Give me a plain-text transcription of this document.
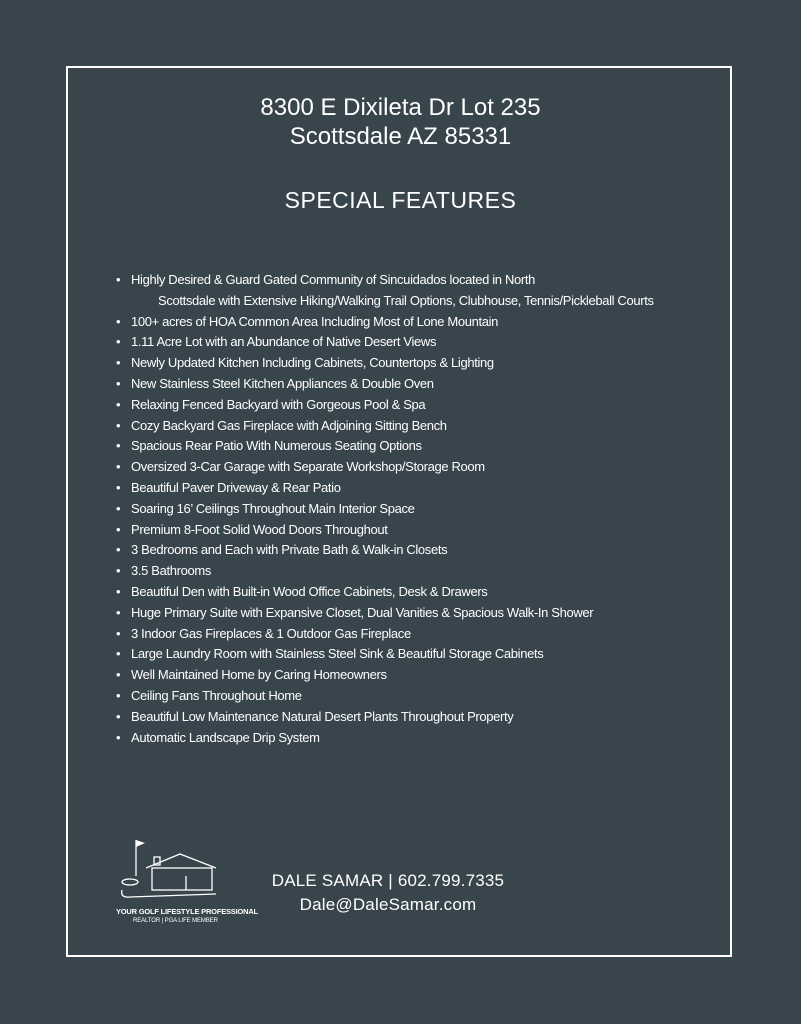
8300 E Dixileta Dr Lot 235
Scottsdale AZ 85331
SPECIAL FEATURES
• Highly Desired & Guard Gated Community of Sincuidados located in North
Scottsdale with Extensive Hiking/Walking Trail Options, Clubhouse, Tennis/Pickleball Courts
• 100+ acres of HOA Common Area Including Most of Lone Mountain
• 1.11 Acre Lot with an Abundance of Native Desert Views
• Newly Updated Kitchen Including Cabinets, Countertops & Lighting
• New Stainless Steel Kitchen Appliances & Double Oven
• Relaxing Fenced Backyard with Gorgeous Pool & Spa
• Cozy Backyard Gas Fireplace with Adjoining Sitting Bench
• Spacious Rear Patio With Numerous Seating Options
• Oversized 3-Car Garage with Separate Workshop/Storage Room
• Beautiful Paver Driveway & Rear Patio
• Soaring 16’ Ceilings Throughout Main Interior Space
• Premium 8-Foot Solid Wood Doors Throughout
• 3 Bedrooms and Each with Private Bath & Walk-in Closets
• 3.5 Bathrooms
• Beautiful Den with Built-in Wood Office Cabinets, Desk & Drawers
• Huge Primary Suite with Expansive Closet, Dual Vanities & Spacious Walk-In Shower
• 3 Indoor Gas Fireplaces & 1 Outdoor Gas Fireplace
• Large Laundry Room with Stainless Steel Sink & Beautiful Storage Cabinets
• Well Maintained Home by Caring Homeowners
• Ceiling Fans Throughout Home
• Beautiful Low Maintenance Natural Desert Plants Throughout Property
• Automatic Landscape Drip System
YOUR GOLF LIFESTYLE PROFESSIONAL
REALTOR | PGA LIFE MEMBER
DALE SAMAR | 602.799.7335
Dale@DaleSamar.com
